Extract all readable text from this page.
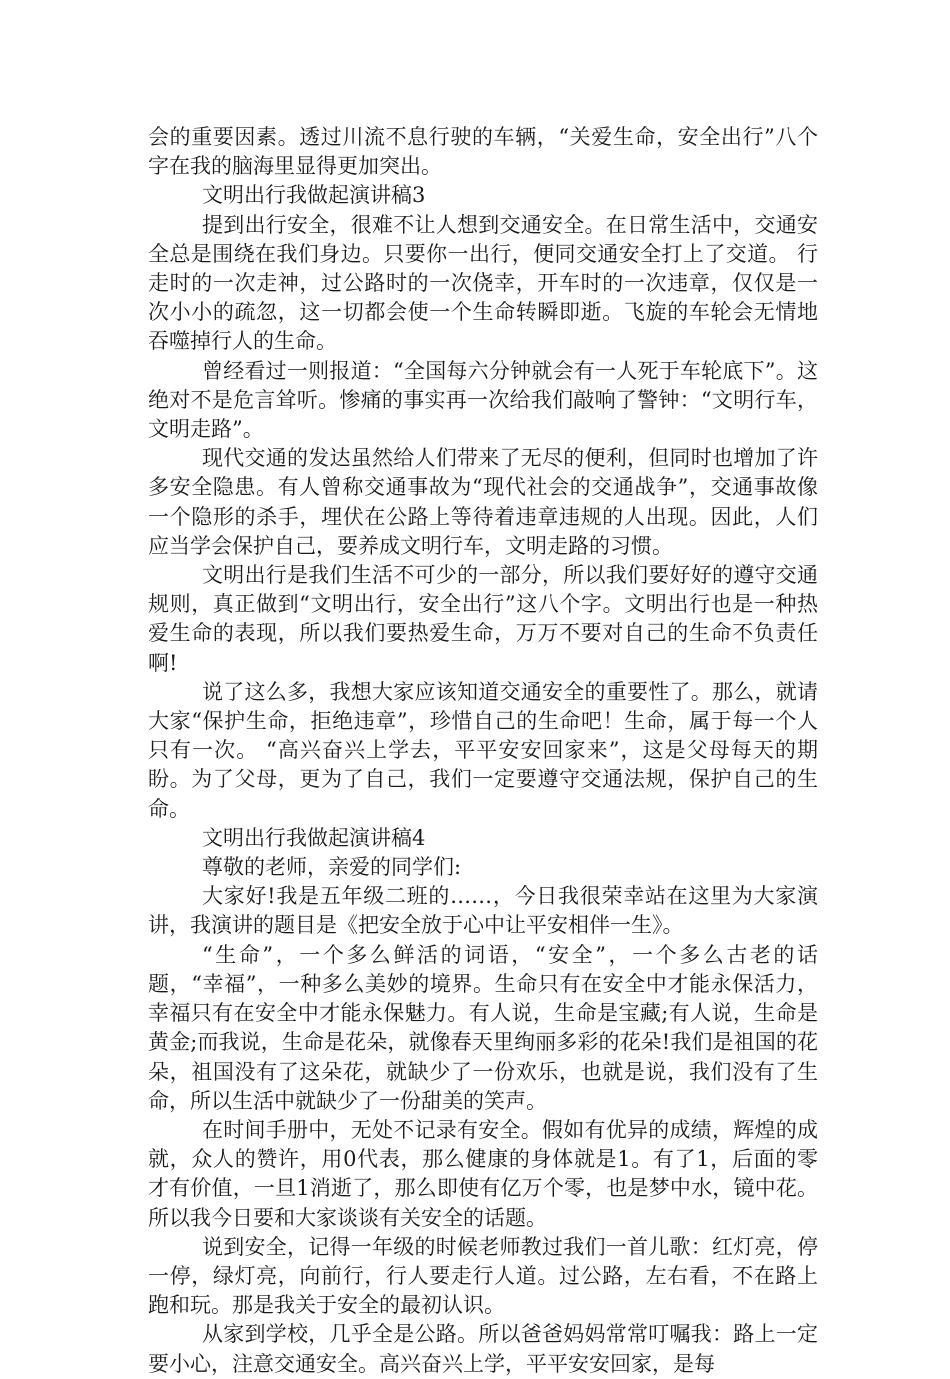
会的重要因素。透过川流不息行驶的车辆，“关爱生命，安全出行”八个字在我的脑海里显得更加突出。

文明出行我做起演讲稿3

提到出行安全，很难不让人想到交通安全。在日常生活中，交通安全总是围绕在我们身边。只要你一出行，便同交通安全打上了交道。 行走时的一次走神，过公路时的一次侥幸，开车时的一次违章，仅仅是一次小小的疏忽，这一切都会使一个生命转瞬即逝。飞旋的车轮会无情地吞噬掉行人的生命。

曾经看过一则报道：“全国每六分钟就会有一人死于车轮底下”。这绝对不是危言耸听。惨痛的事实再一次给我们敲响了警钟：“文明行车，文明走路”。

现代交通的发达虽然给人们带来了无尽的便利，但同时也增加了许多安全隐患。有人曾称交通事故为“现代社会的交通战争”，交通事故像一个隐形的杀手，埋伏在公路上等待着违章违规的人出现。因此，人们应当学会保护自己，要养成文明行车，文明走路的习惯。

文明出行是我们生活不可少的一部分，所以我们要好好的遵守交通规则，真正做到“文明出行，安全出行”这八个字。文明出行也是一种热爱生命的表现，所以我们要热爱生命，万万不要对自己的生命不负责任啊!

说了这么多，我想大家应该知道交通安全的重要性了。那么，就请大家“保护生命，拒绝违章”，珍惜自己的生命吧！生命，属于每一个人只有一次。 “高兴奋兴上学去，平平安安回家来”，这是父母每天的期盼。为了父母，更为了自己，我们一定要遵守交通法规，保护自己的生命。

文明出行我做起演讲稿4

尊敬的老师，亲爱的同学们:

大家好!我是五年级二班的……，今日我很荣幸站在这里为大家演讲，我演讲的题目是《把安全放于心中让平安相伴一生》。

“生命”，一个多么鲜活的词语，“安全”，一个多么古老的话题，“幸福”，一种多么美妙的境界。生命只有在安全中才能永保活力，幸福只有在安全中才能永保魅力。有人说，生命是宝藏;有人说，生命是黄金;而我说，生命是花朵，就像春天里绚丽多彩的花朵!我们是祖国的花朵，祖国没有了这朵花，就缺少了一份欢乐，也就是说，我们没有了生命，所以生活中就缺少了一份甜美的笑声。

在时间手册中，无处不记录有安全。假如有优异的成绩，辉煌的成就，众人的赞许，用0代表，那么健康的身体就是1。有了1，后面的零才有价值，一旦1消逝了，那么即使有亿万个零，也是梦中水，镜中花。所以我今日要和大家谈谈有关安全的话题。

说到安全，记得一年级的时候老师教过我们一首儿歌：红灯亮，停一停，绿灯亮，向前行，行人要走行人道。过公路，左右看，不在路上跑和玩。那是我关于安全的最初认识。

从家到学校，几乎全是公路。所以爸爸妈妈常常叮嘱我：路上一定要小心，注意交通安全。高兴奋兴上学，平平安安回家，是每
